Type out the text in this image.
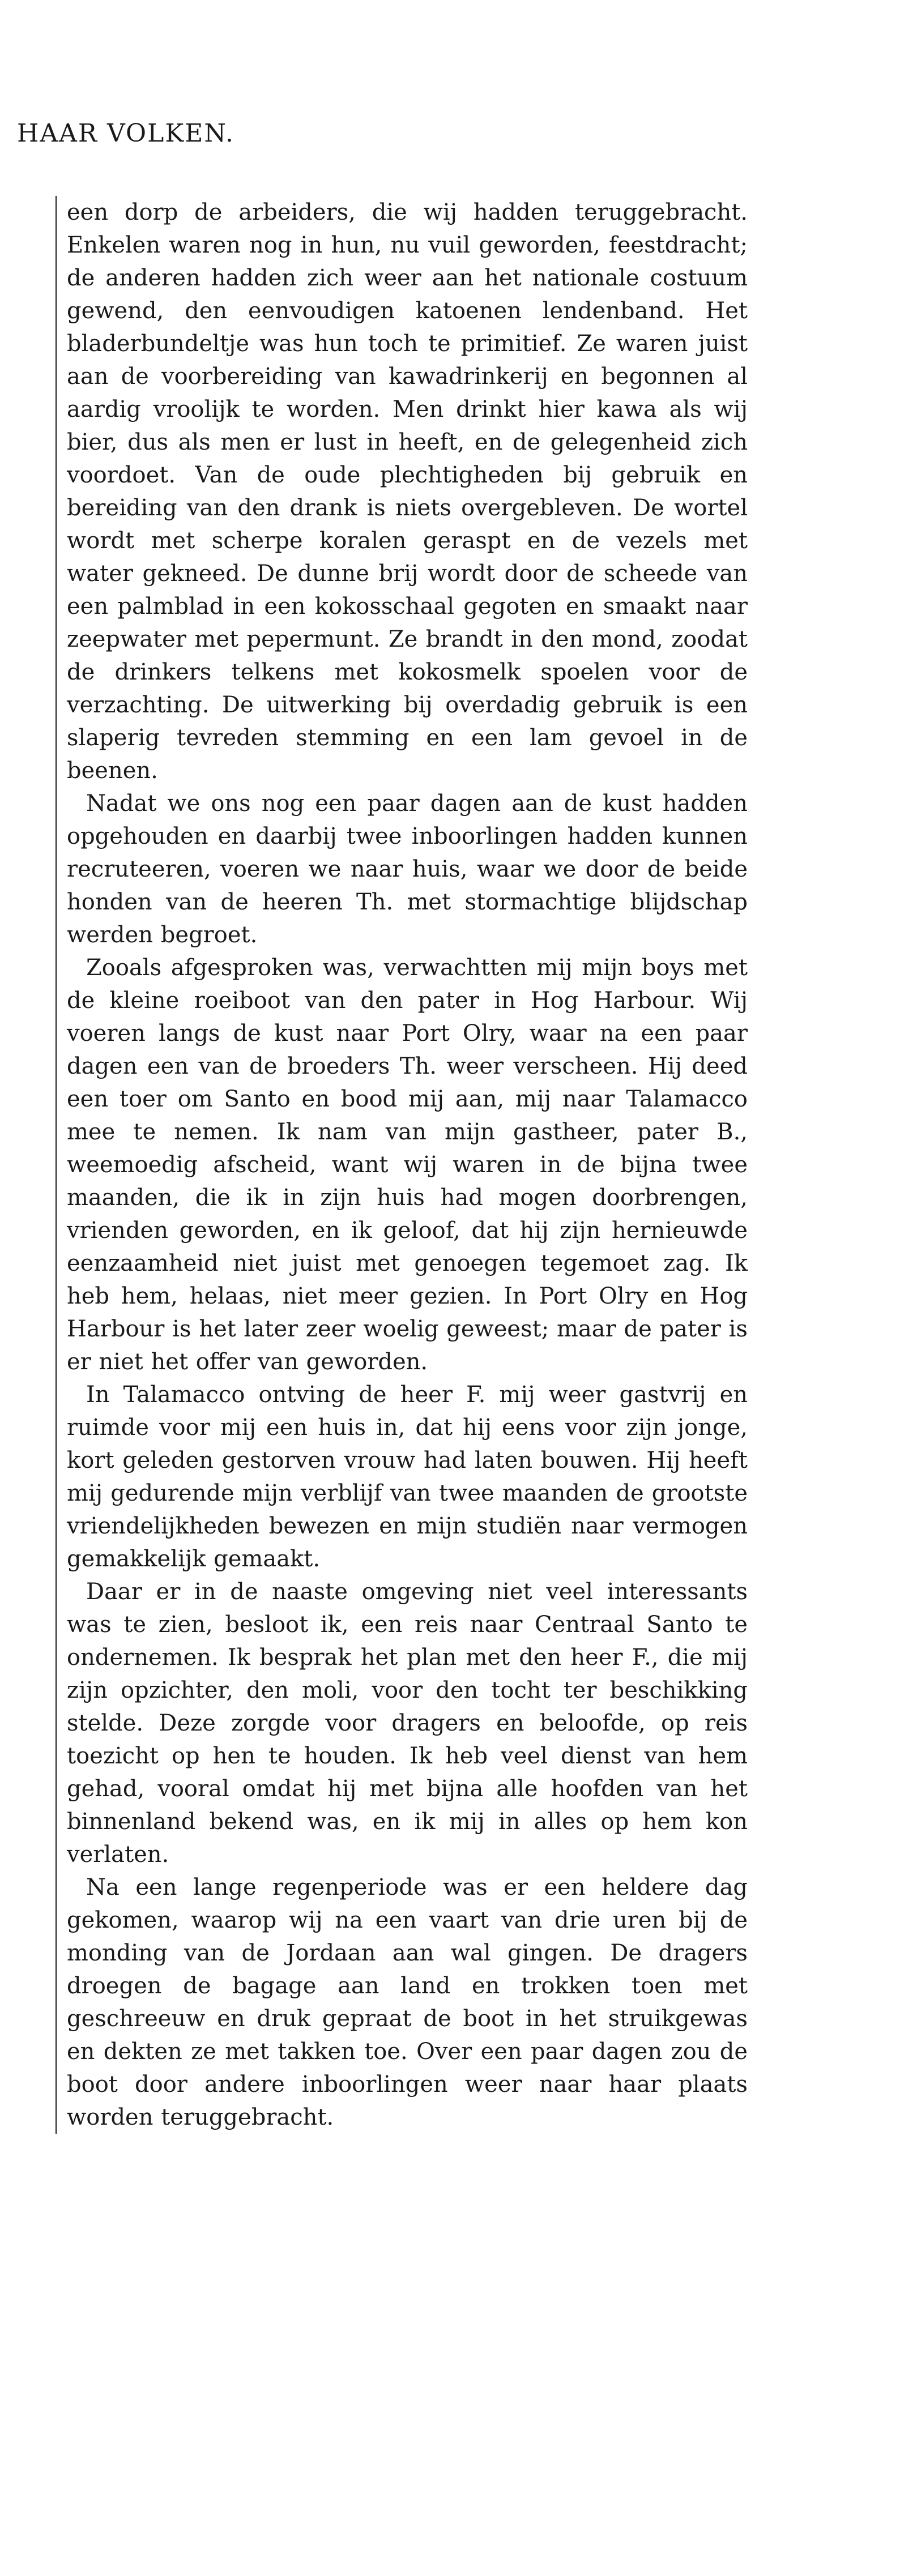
HAAR VOLKEN.

een dorp de arbeiders, die wij hadden teruggebracht. Enkelen waren nog in hun, nu vuil geworden, feestdracht; de anderen hadden zich weer aan het nationale costuum gewend, den eenvoudigen katoenen lendenband. Het bladerbundeltje was hun toch te primitief. Ze waren juist aan de voorbereiding van kawadrinkerij en begonnen al aardig vroolijk te worden. Men drinkt hier kawa als wij bier, dus als men er lust in heeft, en de gelegenheid zich voordoet. Van de oude plechtigheden bij gebruik en bereiding van den drank is niets overgebleven. De wortel wordt met scherpe koralen geraspt en de vezels met water gekneed. De dunne brij wordt door de scheede van een palmblad in een kokosschaal gegoten en smaakt naar zeepwater met pepermunt. Ze brandt in den mond, zoodat de drinkers telkens met kokosmelk spoelen voor de verzachting. De uitwerking bij overdadig gebruik is een slaperig tevreden stemming en een lam gevoel in de beenen.

Nadat we ons nog een paar dagen aan de kust hadden opgehouden en daarbij twee inboorlingen hadden kunnen recruteeren, voeren we naar huis, waar we door de beide honden van de heeren Th. met stormachtige blijdschap werden begroet.

Zooals afgesproken was, verwachtten mij mijn boys met de kleine roeiboot van den pater in Hog Harbour. Wij voeren langs de kust naar Port Olry, waar na een paar dagen een van de broeders Th. weer verscheen. Hij deed een toer om Santo en bood mij aan, mij naar Talamacco mee te nemen. Ik nam van mijn gastheer, pater B., weemoedig afscheid, want wij waren in de bijna twee maanden, die ik in zijn huis had mogen doorbrengen, vrienden geworden, en ik geloof, dat hij zijn hernieuwde eenzaamheid niet juist met genoegen tegemoet zag. Ik heb hem, helaas, niet meer gezien. In Port Olry en Hog Harbour is het later zeer woelig geweest; maar de pater is er niet het offer van geworden.

In Talamacco ontving de heer F. mij weer gastvrij en ruimde voor mij een huis in, dat hij eens voor zijn jonge, kort geleden gestorven vrouw had laten bouwen. Hij heeft mij gedurende mijn verblijf van twee maanden de grootste vriendelijkheden bewezen en mijn studiën naar vermogen gemakkelijk gemaakt.

Daar er in de naaste omgeving niet veel interessants was te zien, besloot ik, een reis naar Centraal Santo te ondernemen. Ik besprak het plan met den heer F., die mij zijn opzichter, den moli, voor den tocht ter beschikking stelde. Deze zorgde voor dragers en beloofde, op reis toezicht op hen te houden. Ik heb veel dienst van hem gehad, vooral omdat hij met bijna alle hoofden van het binnenland bekend was, en ik mij in alles op hem kon verlaten.

Na een lange regenperiode was er een heldere dag gekomen, waarop wij na een vaart van drie uren bij de monding van de Jordaan aan wal gingen. De dragers droegen de bagage aan land en trokken toen met geschreeuw en druk gepraat de boot in het struikgewas en dekten ze met takken toe. Over een paar dagen zou de boot door andere inboorlingen weer naar haar plaats worden teruggebracht.
